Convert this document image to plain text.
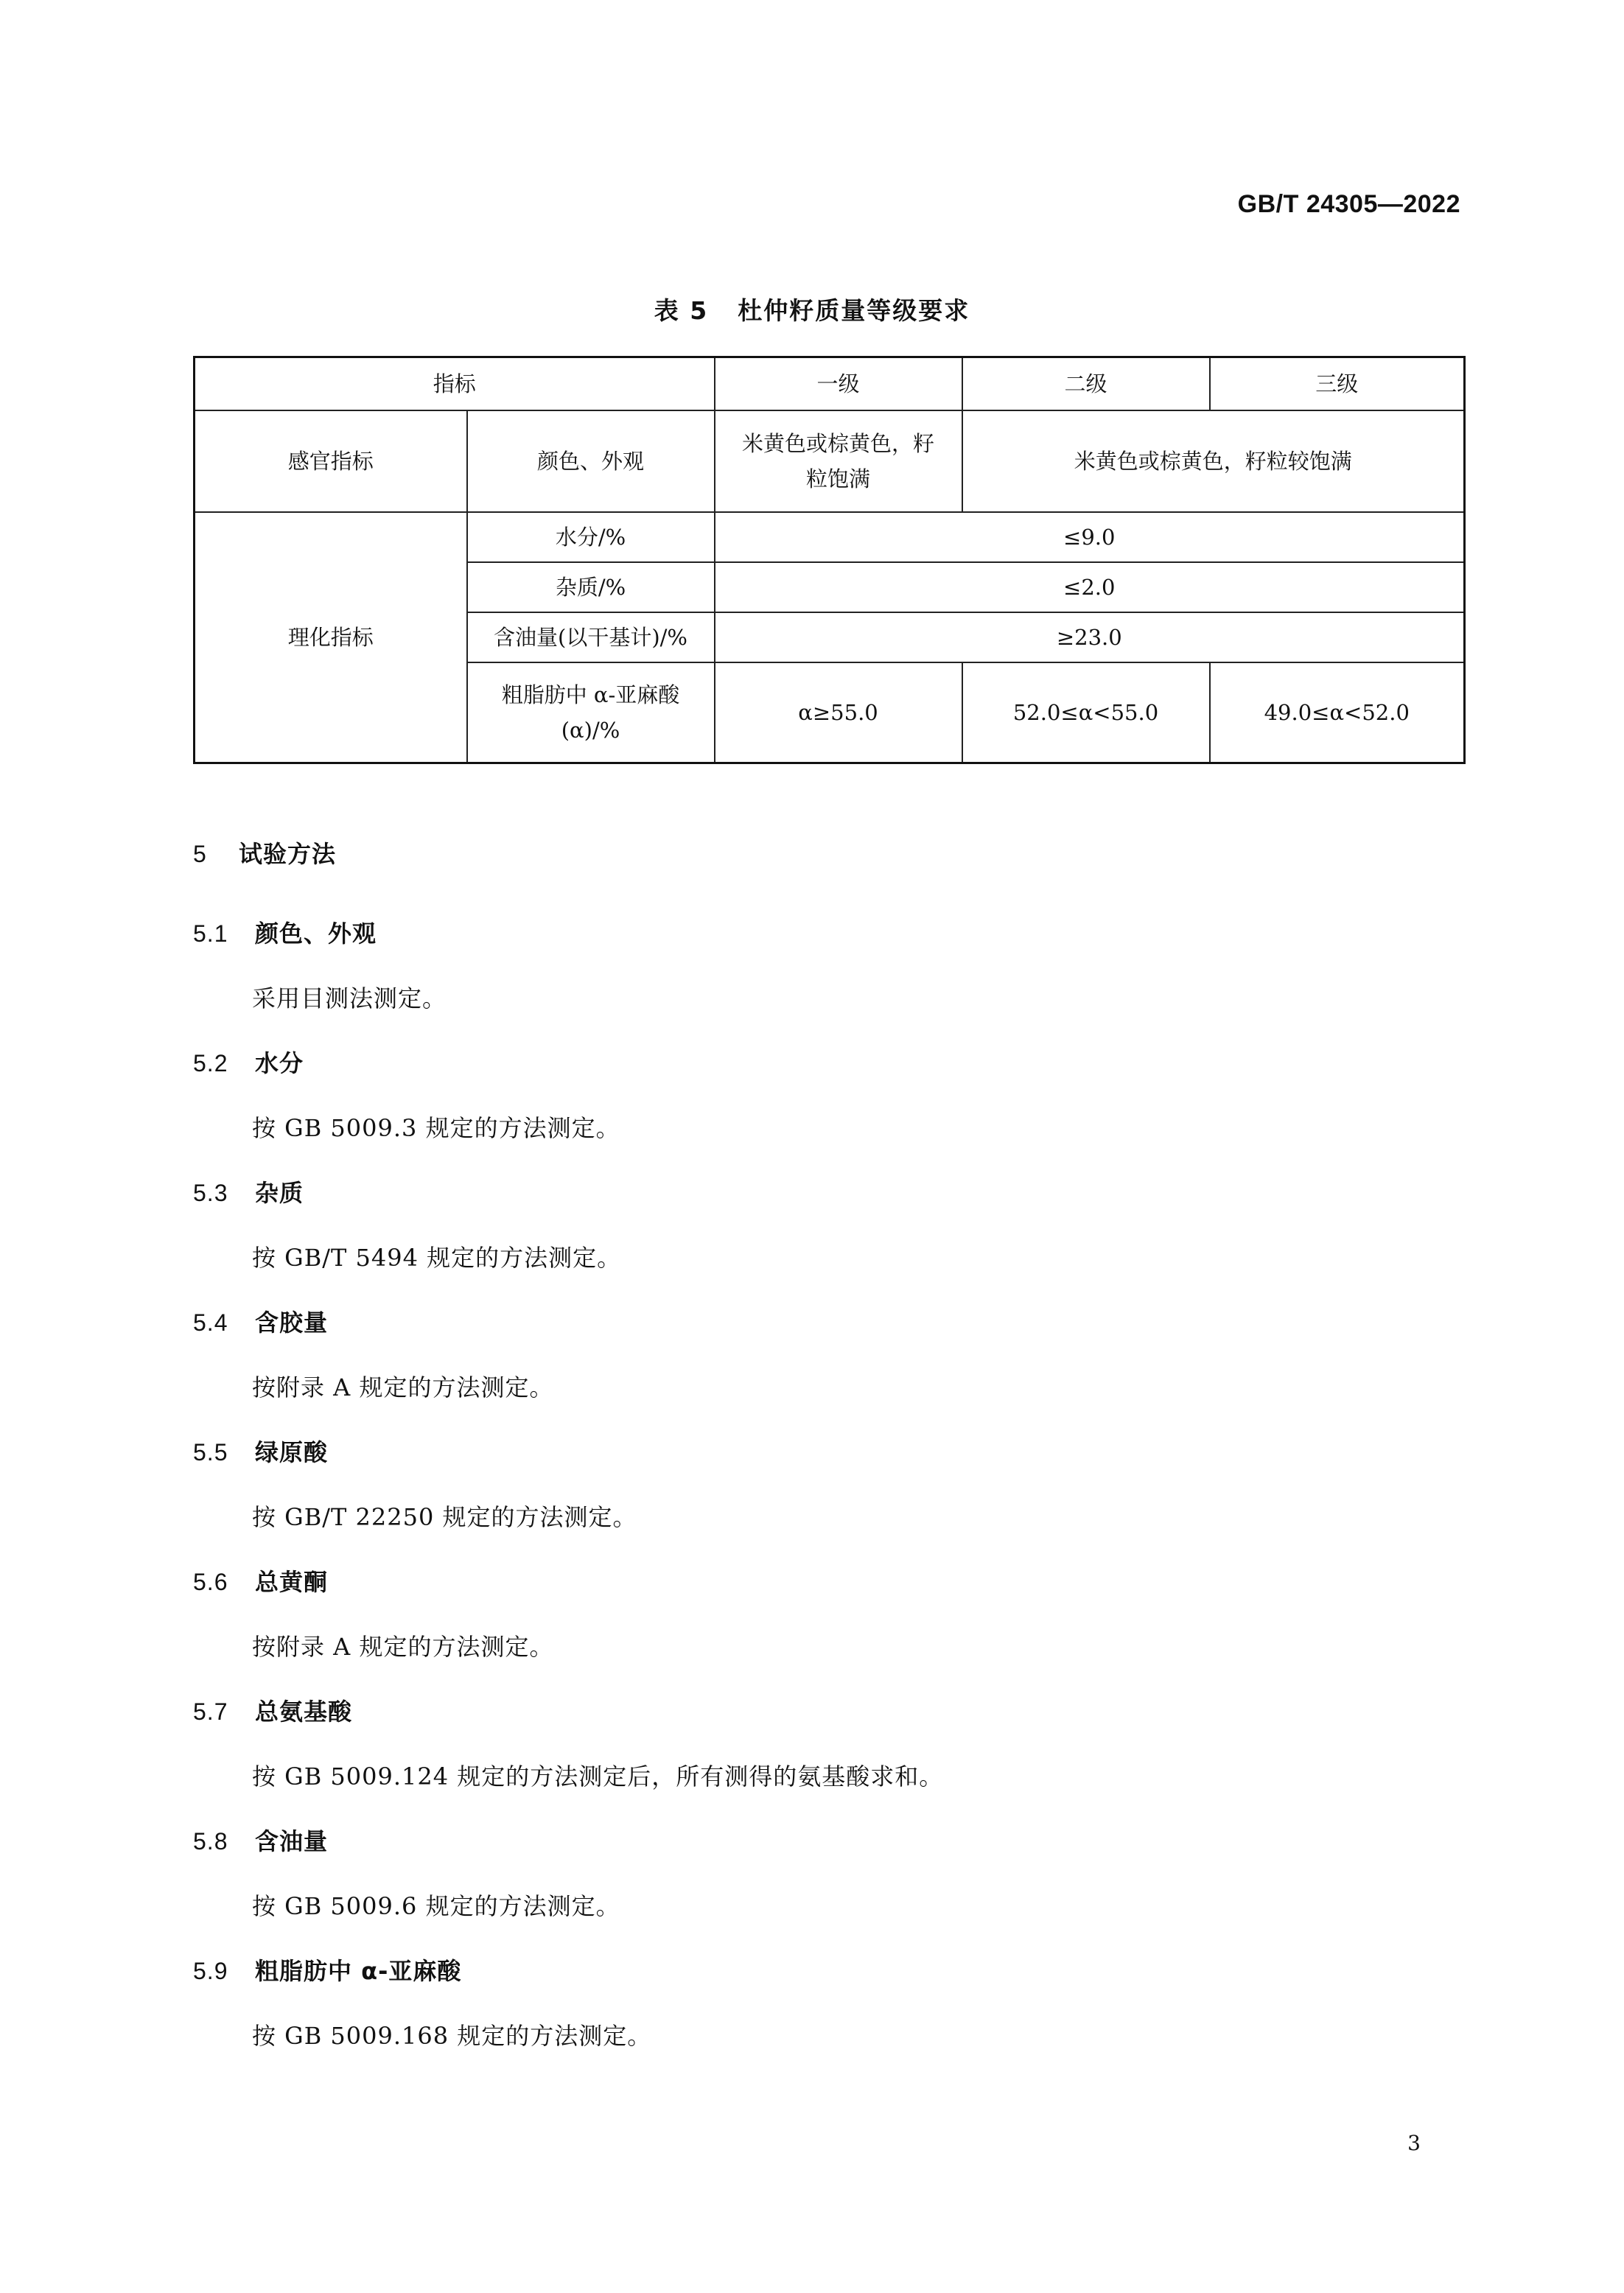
GB/T 24305—2022
表 5 杜仲籽质量等级要求
指标		一级	二级	三级
感官指标	颜色、外观	米黄色或棕黄色，籽粒饱满	米黄色或棕黄色，籽粒较饱满	
理化指标	水分/%	≤9.0		
	杂质/%	≤2.0		
	含油量(以干基计)/%	≥23.0		
	粗脂肪中 α-亚麻酸(α)/%	α≥55.0	52.0≤α<55.0	49.0≤α<52.0
5 试验方法
5.1 颜色、外观
采用目测法测定。
5.2 水分
按 GB 5009.3 规定的方法测定。
5.3 杂质
按 GB/T 5494 规定的方法测定。
5.4 含胶量
按附录 A 规定的方法测定。
5.5 绿原酸
按 GB/T 22250 规定的方法测定。
5.6 总黄酮
按附录 A 规定的方法测定。
5.7 总氨基酸
按 GB 5009.124 规定的方法测定后，所有测得的氨基酸求和。
5.8 含油量
按 GB 5009.6 规定的方法测定。
5.9 粗脂肪中 α-亚麻酸
按 GB 5009.168 规定的方法测定。
3
